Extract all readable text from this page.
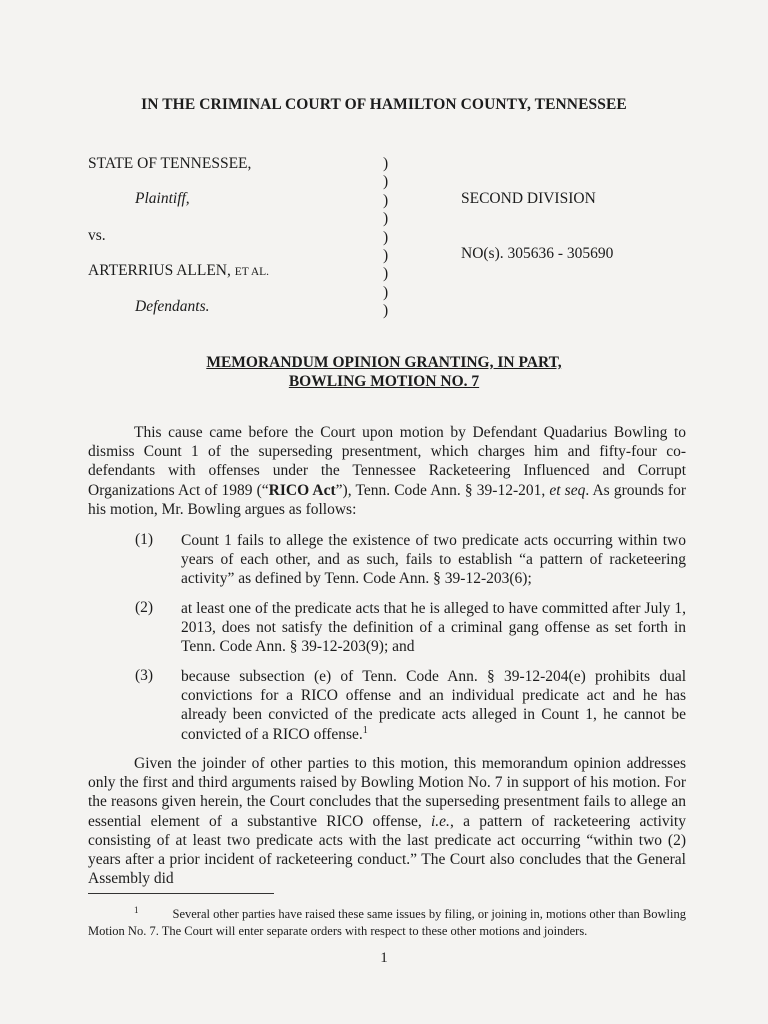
IN THE CRIMINAL COURT OF HAMILTON COUNTY, TENNESSEE
STATE OF TENNESSEE,
Plaintiff,
vs.
ARTERRIUS ALLEN, ET AL.
Defendants.
)
)
)
)
)
)
)
)
)
SECOND DIVISION
NO(s). 305636 - 305690
MEMORANDUM OPINION GRANTING, IN PART,
BOWLING MOTION NO. 7

This cause came before the Court upon motion by Defendant Quadarius Bowling to dismiss Count 1 of the superseding presentment, which charges him and fifty-four co-defendants with offenses under the Tennessee Racketeering Influenced and Corrupt Organizations Act of 1989 (“RICO Act”), Tenn. Code Ann. § 39-12-201, et seq. As grounds for his motion, Mr. Bowling argues as follows:

(1) Count 1 fails to allege the existence of two predicate acts occurring within two years of each other, and as such, fails to establish “a pattern of racketeering activity” as defined by Tenn. Code Ann. § 39-12-203(6);
(2) at least one of the predicate acts that he is alleged to have committed after July 1, 2013, does not satisfy the definition of a criminal gang offense as set forth in Tenn. Code Ann. § 39-12-203(9); and
(3) because subsection (e) of Tenn. Code Ann. § 39-12-204(e) prohibits dual convictions for a RICO offense and an individual predicate act and he has already been convicted of the predicate acts alleged in Count 1, he cannot be convicted of a RICO offense.$^1$

Given the joinder of other parties to this motion, this memorandum opinion addresses only the first and third arguments raised by Bowling Motion No. 7 in support of his motion. For the reasons given herein, the Court concludes that the superseding presentment fails to allege an essential element of a substantive RICO offense, i.e., a pattern of racketeering activity consisting of at least two predicate acts with the last predicate act occurring “within two (2) years after a prior incident of racketeering conduct.” The Court also concludes that the General Assembly did

1	Several other parties have raised these same issues by filing, or joining in, motions other than Bowling Motion No. 7. The Court will enter separate orders with respect to these other motions and joinders.
1
